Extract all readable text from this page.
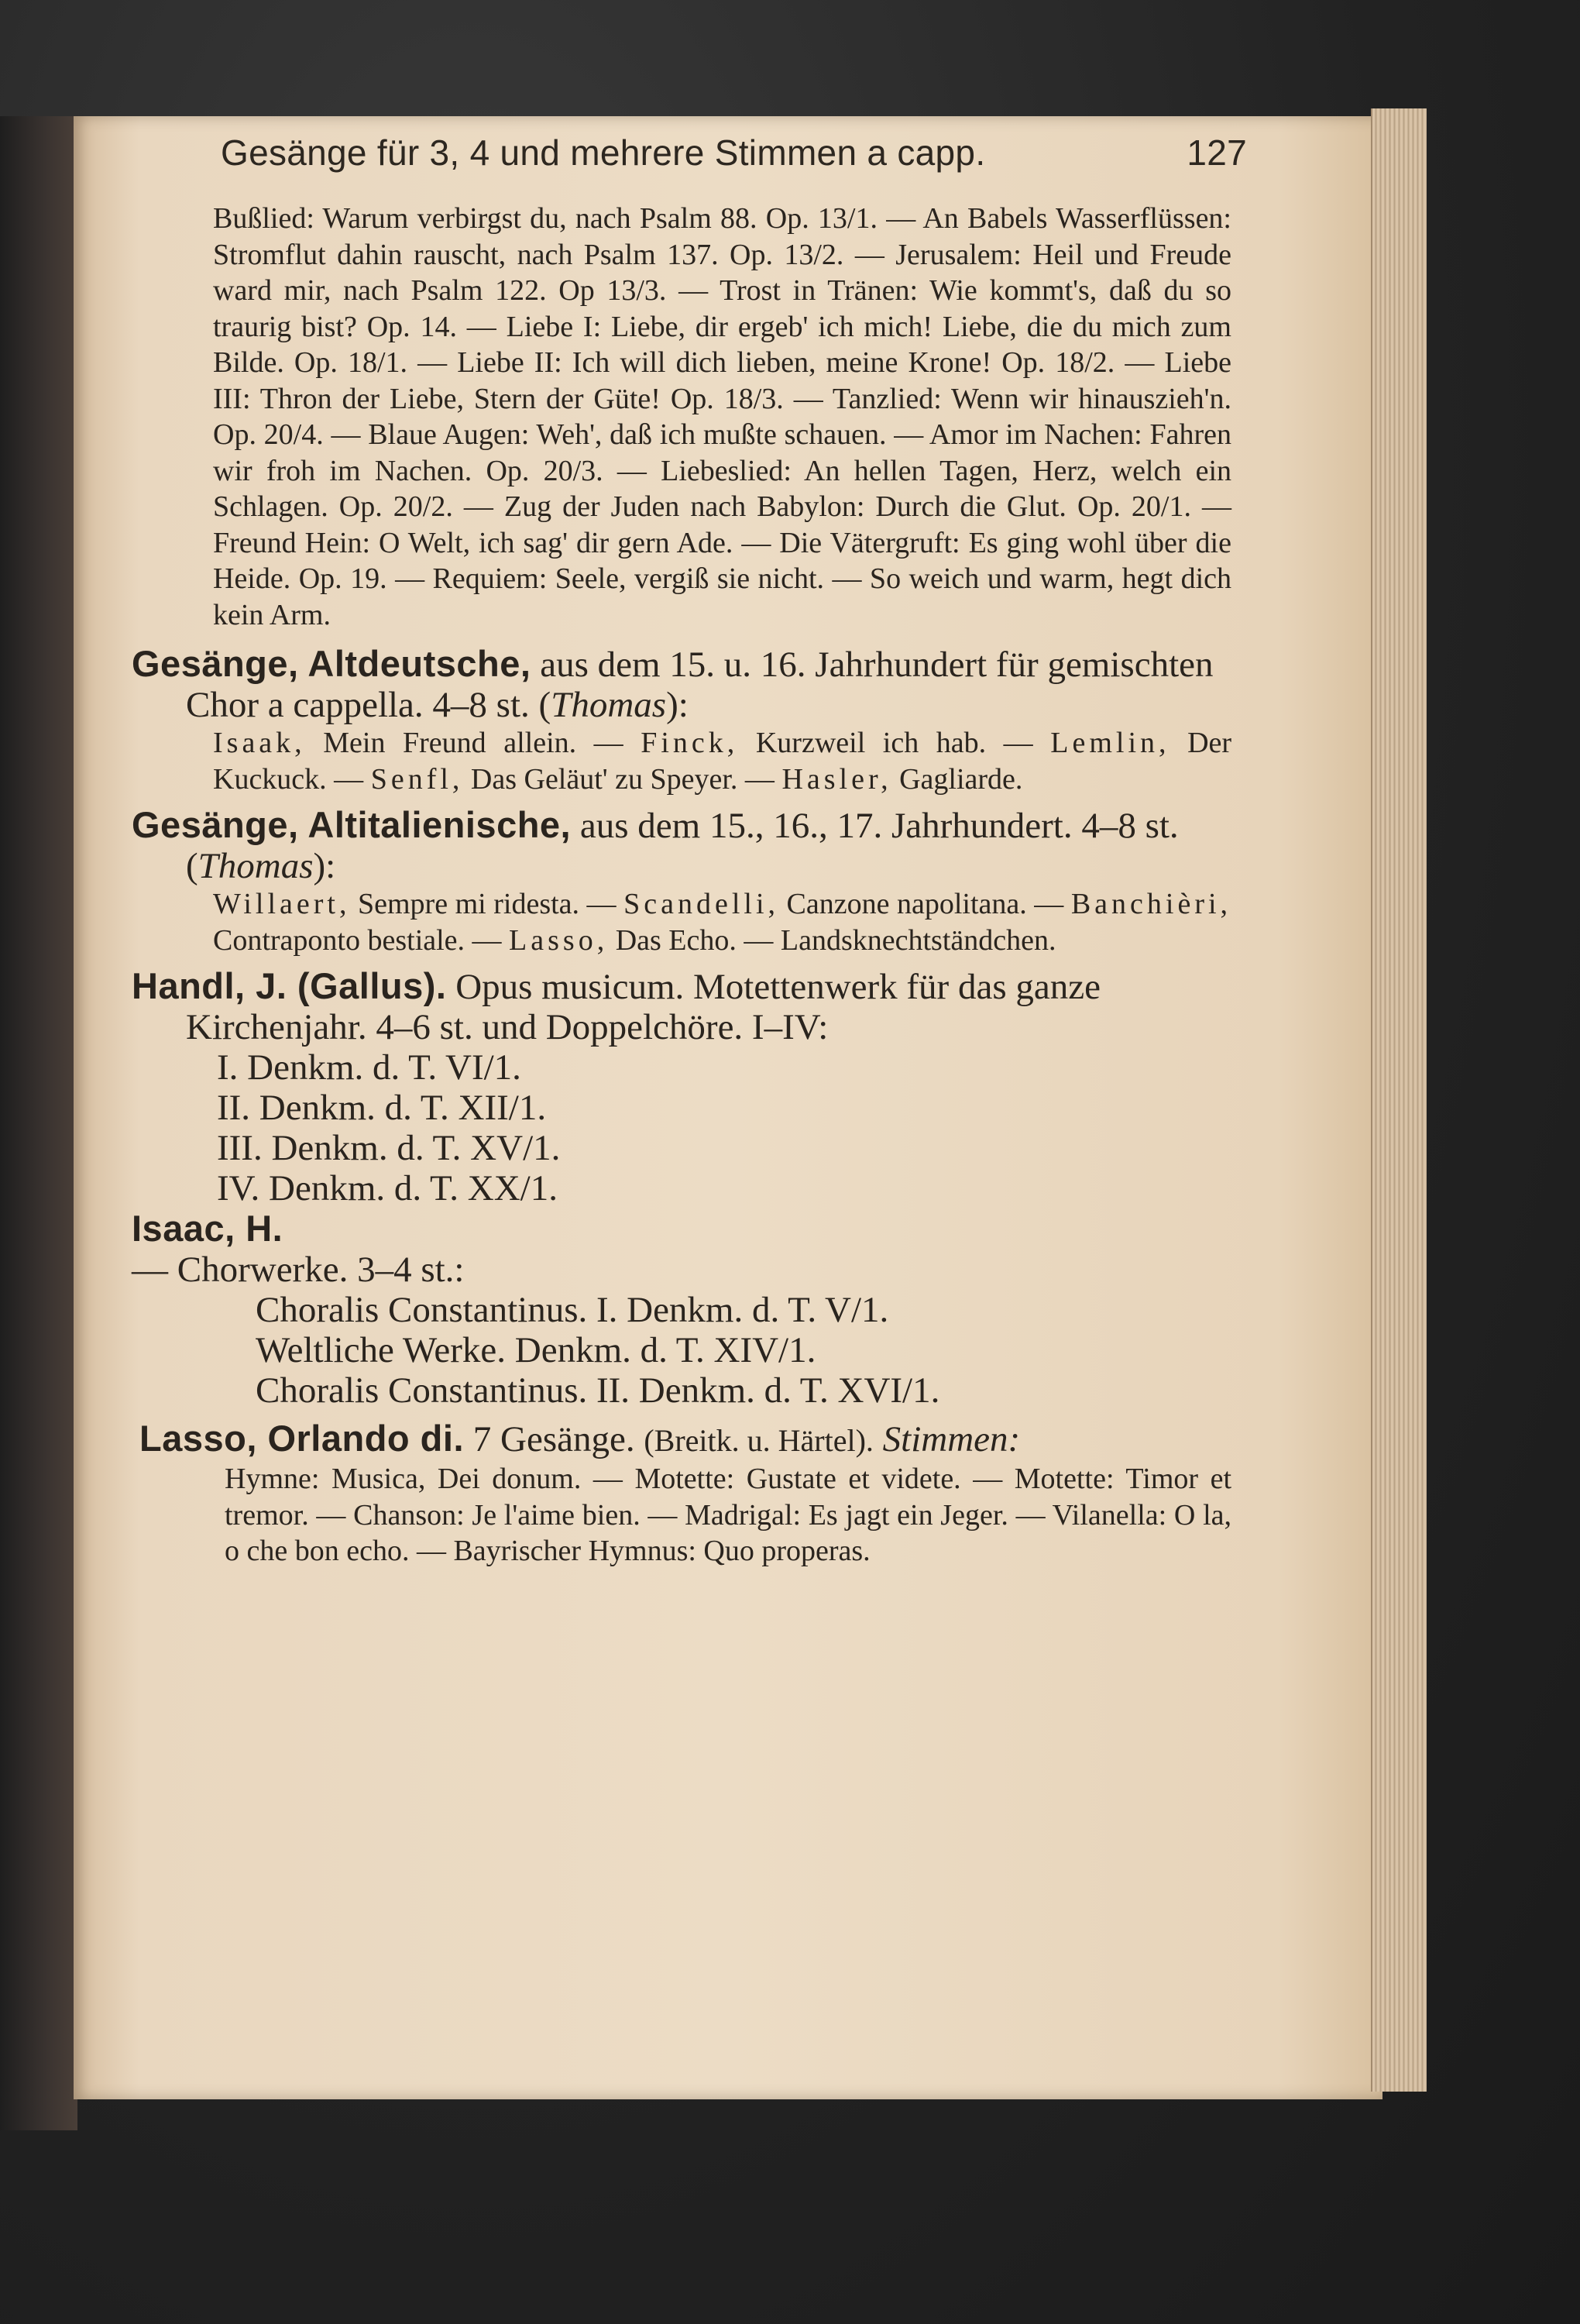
Gesänge für 3, 4 und mehrere Stimmen a capp.	127

Bußlied: Warum verbirgst du, nach Psalm 88. Op. 13/1. — An Babels Wasserflüssen: Stromflut dahin rauscht, nach Psalm 137. Op. 13/2. — Jerusalem: Heil und Freude ward mir, nach Psalm 122. Op 13/3. — Trost in Tränen: Wie kommt's, daß du so traurig bist? Op. 14. — Liebe I: Liebe, dir ergeb' ich mich! Liebe, die du mich zum Bilde. Op. 18/1. — Liebe II: Ich will dich lieben, meine Krone! Op. 18/2. — Liebe III: Thron der Liebe, Stern der Güte! Op. 18/3. — Tanzlied: Wenn wir hinauszieh'n. Op. 20/4. — Blaue Augen: Weh', daß ich mußte schauen. — Amor im Nachen: Fahren wir froh im Nachen. Op. 20/3. — Liebeslied: An hellen Tagen, Herz, welch ein Schlagen. Op. 20/2. — Zug der Juden nach Babylon: Durch die Glut. Op. 20/1. — Freund Hein: O Welt, ich sag' dir gern Ade. — Die Vätergruft: Es ging wohl über die Heide. Op. 19. — Requiem: Seele, vergiß sie nicht. — So weich und warm, hegt dich kein Arm.

Gesänge, Altdeutsche, aus dem 15. u. 16. Jahrhundert für gemischten Chor a cappella. 4–8 st. (Thomas):

Isaak, Mein Freund allein. — Finck, Kurzweil ich hab. — Lemlin, Der Kuckuck. — Senfl, Das Geläut' zu Speyer. — Hasler, Gagliarde.

Gesänge, Altitalienische, aus dem 15., 16., 17. Jahrhundert. 4–8 st. (Thomas):

Willaert, Sempre mi ridesta. — Scandelli, Canzone napolitana. — Banchièri, Contraponto bestiale. — Lasso, Das Echo. — Landsknechtständchen.

Handl, J. (Gallus). Opus musicum. Motettenwerk für das ganze Kirchenjahr. 4–6 st. und Doppelchöre. I–IV:

I. Denkm. d. T. VI/1.
II. Denkm. d. T. XII/1.
III. Denkm. d. T. XV/1.
IV. Denkm. d. T. XX/1.

Isaac, H.

— Chorwerke. 3–4 st.:
Choralis Constantinus. I. Denkm. d. T. V/1.
Weltliche Werke. Denkm. d. T. XIV/1.
Choralis Constantinus. II. Denkm. d. T. XVI/1.

Lasso, Orlando di. 7 Gesänge. (Breitk. u. Härtel). Stimmen:

Hymne: Musica, Dei donum. — Motette: Gustate et videte. — Motette: Timor et tremor. — Chanson: Je l'aime bien. — Madrigal: Es jagt ein Jeger. — Vilanella: O la, o che bon echo. — Bayrischer Hymnus: Quo properas.
